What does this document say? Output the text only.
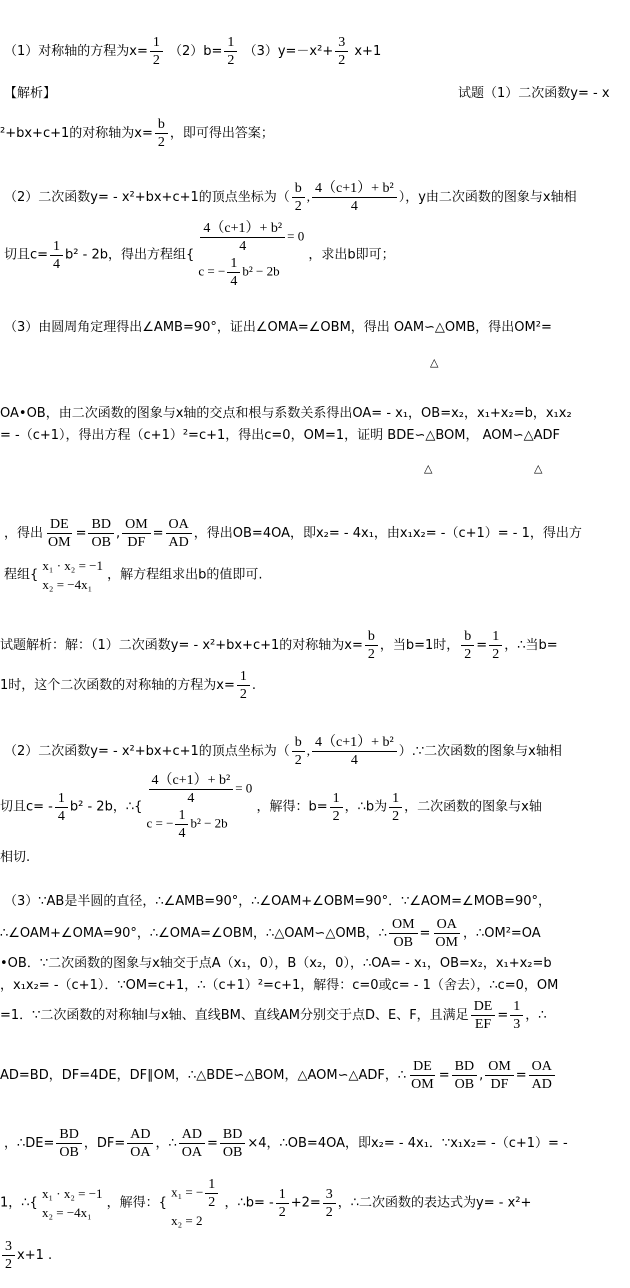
（1）对称轴的方程为$x= \frac{1}{2} (2)b= \frac{1}{2} (3)y=-x^2+ \frac{3}{2} x+1$
【解析】	试题（1）二次函数y= - x
²+bx+c+1的对称轴为$x= \frac{b}{2}$ ，即可得出答案；
（2）二次函数y= - x²+bx+c+1的顶点坐标为（ $\frac{b}{2}$ , $\frac{\text{4（c+1）+ b²}}{4}$ ），y由二次函数的图象与x轴相
切且$c= \frac{1}{4} b^2 - 2b$，得出方程组{ $\frac{\text{4（c+1）+ b²}}{4} = 0$
c = − $\frac{1}{4} b^2 - 2b$
，求出b即可；
（3）由圆周角定理得出∠AMB=90°，证出∠OMA=∠OBM，得出 OAM∽△OMB，得出OM²=
△
OA•OB，由二次函数的图象与x轴的交点和根与系数关系得出OA= - x₁，OB=x₂，x₁+x₂=b，x₁x₂
= -（c+1），得出方程（c+1）²=c+1，得出c=0，OM=1，证明 BDE∽△BOM， AOM∽△ADF
△	△
，得出 $\frac{DE}{OM} = \frac{BD}{OB}$ , $\frac{OM}{DF} = \frac{OA}{AD}$ ，得出OB=4OA，即x₂= - 4x₁，由x₁x₂= -（c+1）= - 1，得出方
程组{
x₁ · x₂ = −1
x₂ = −4x₁
，解方程组求出b的值即可.
试题解析：解：（1）二次函数y= - x²+bx+c+1的对称轴为$x= \frac{b}{2}$ ，当b=1时， $\frac{b}{2} = \frac{1}{2}$ ，∴当b=
1时，这个二次函数的对称轴的方程为$x= \frac{1}{2}$ .
（2）二次函数y= - x²+bx+c+1的顶点坐标为（ $\frac{b}{2}$ , $\frac{\text{4（c+1）+ b²}}{4}$ ）.∵二次函数的图象与x轴相
切且$c= - \frac{1}{4} b^2 - 2b$，∴{ $\frac{\text{4（c+1）+ b²}}{4} = 0$
c = − $\frac{1}{4} b^2 - 2b$
，解得：$b= \frac{1}{2}$ ，∴b为 $\frac{1}{2}$ ，二次函数的图象与x轴
相切.
（3）∵AB是半圆的直径，∴∠AMB=90°，∴∠OAM+∠OBM=90°．∵∠AOM=∠MOB=90°，
∴∠OAM+∠OMA=90°，∴∠OMA=∠OBM，∴△OAM∽△OMB，∴ $\frac{OM}{OB} = \frac{OA}{OM}$ ，∴OM²=OA
•OB．∵二次函数的图象与x轴交于点A（x₁，0），B（x₂，0），∴OA= - x₁，OB=x₂，x₁+x₂=b
，x₁x₂= -（c+1）．∵OM=c+1，∴（c+1）²=c+1，解得：c=0或c= - 1（舍去），∴c=0，OM
=1．∵二次函数的对称轴l与x轴、直线BM、直线AM分别交于点D、E、F，且满足 $\frac{DE}{EF} = \frac{1}{3}$ ，∴
AD=BD，DF=4DE，DF∥OM，∴△BDE∽△BOM，△AOM∽△ADF，∴ $\frac{DE}{OM} = \frac{BD}{OB}$ , $\frac{OM}{DF} = \frac{OA}{AD}$
，∴DE= $\frac{BD}{OB}$ ，$DF= \frac{AD}{OA}$ ，∴ $\frac{AD}{OA} = \frac{BD}{OB} \times 4$，∴OB=4OA，即x₂= - 4x₁．∵x₁x₂= -（c+1）= -
1，∴{
x₁ · x₂ = −1
x₂ = −4x₁
，解得：{
x₁ = − $\frac{1}{2}$
x₂ = 2
，∴b= - $\frac{1}{2} +2= \frac{3}{2}$ ，∴二次函数的表达式为y= - x²+
$\frac{3}{2} x+1$ .
